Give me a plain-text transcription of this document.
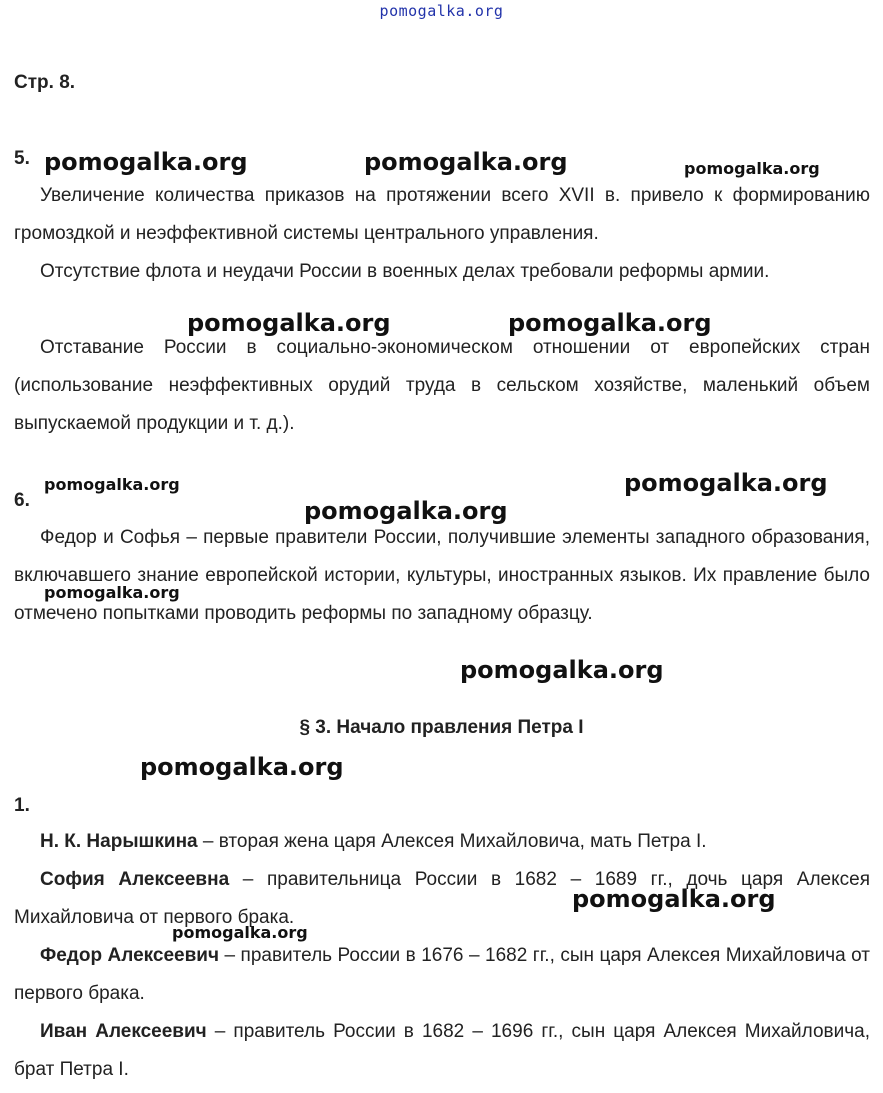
pomogalka.org
Стр. 8.
5.
Увеличение количества приказов на протяжении всего XVII в. привело к формированию громоздкой и неэффективной системы центрального управления.
Отсутствие флота и неудачи России в военных делах требовали реформы армии.
Отставание России в социально-экономическом отношении от европейских стран (использование неэффективных орудий труда в сельском хозяйстве, маленький объем выпускаемой продукции и т. д.).
6.
Федор и Софья – первые правители России, получившие элементы западного образования, включавшего знание европейской истории, культуры, иностранных языков. Их правление было отмечено попытками проводить реформы по западному образцу.
§ 3. Начало правления Петра I
1.
Н. К. Нарышкина – вторая жена царя Алексея Михайловича, мать Петра I.
София Алексеевна – правительница России в 1682 – 1689 гг., дочь царя Алексея Михайловича от первого брака.
Федор Алексеевич – правитель России в 1676 – 1682 гг., сын царя Алексея Михайловича от первого брака.
Иван Алексеевич – правитель России в 1682 – 1696 гг., сын царя Алексея Михайловича, брат Петра I.
pomogalka.org	pomogalka.org	pomogalka.org
pomogalka.org	pomogalka.org
pomogalka.org	pomogalka.org
pomogalka.org
pomogalka.org
pomogalka.org
pomogalka.org
pomogalka.org
pomogalka.org
